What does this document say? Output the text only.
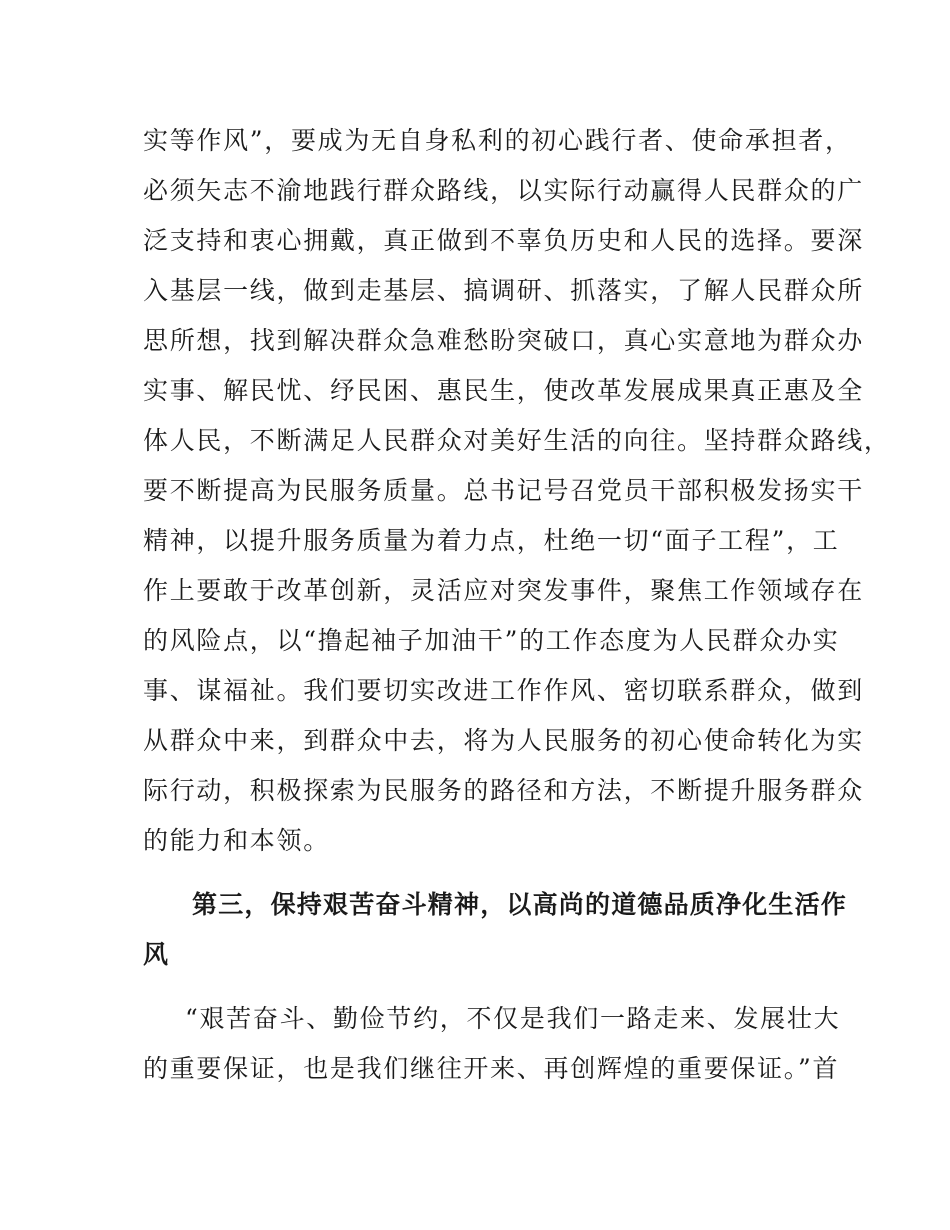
实等作风”，要成为无自身私利的初心践行者、使命承担者，
必须矢志不渝地践行群众路线，以实际行动赢得人民群众的广
泛支持和衷心拥戴，真正做到不辜负历史和人民的选择。要深
入基层一线，做到走基层、搞调研、抓落实，了解人民群众所
思所想，找到解决群众急难愁盼突破口，真心实意地为群众办
实事、解民忧、纾民困、惠民生，使改革发展成果真正惠及全
体人民，不断满足人民群众对美好生活的向往。坚持群众路线，
要不断提高为民服务质量。总书记号召党员干部积极发扬实干
精神，以提升服务质量为着力点，杜绝一切“面子工程”，工
作上要敢于改革创新，灵活应对突发事件，聚焦工作领域存在
的风险点，以“撸起袖子加油干”的工作态度为人民群众办实
事、谋福祉。我们要切实改进工作作风、密切联系群众，做到
从群众中来，到群众中去，将为人民服务的初心使命转化为实
际行动，积极探索为民服务的路径和方法，不断提升服务群众
的能力和本领。
第三，保持艰苦奋斗精神，以高尚的道德品质净化生活作
风
“艰苦奋斗、勤俭节约，不仅是我们一路走来、发展壮大
的重要保证，也是我们继往开来、再创辉煌的重要保证。”首
